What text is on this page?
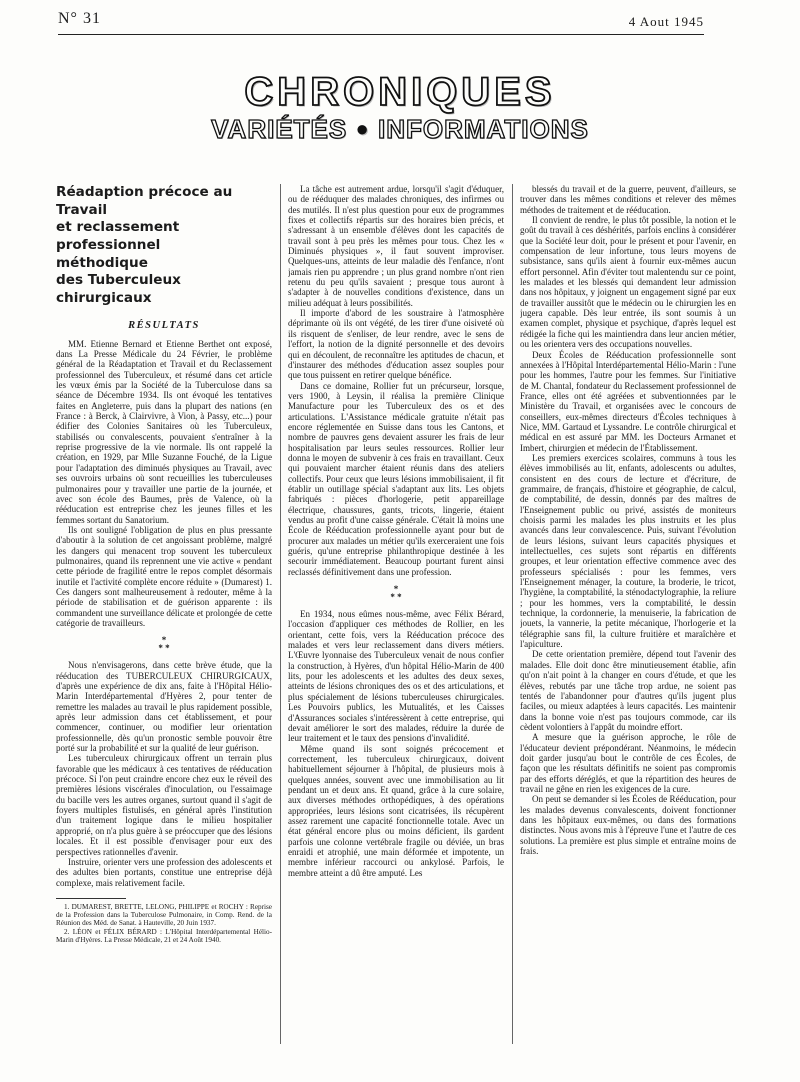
N° 31	4 Aout 1945
CHRONIQUES
VARIÉTÉS ● INFORMATIONS
Réadaption précoce au Travail
et reclassement professionnel
méthodique
des Tuberculeux chirurgicaux
RÉSULTATS

MM. Etienne Bernard et Etienne Berthet ont exposé, dans La Presse Médicale du 24 Février, le problème général de la Réadaptation et Travail et du Reclassement professionnel des Tuberculeux, et résumé dans cet article les vœux émis par la Société de la Tuberculose dans sa séance de Décembre 1934. Ils ont évoqué les tentatives faites en Angleterre, puis dans la plupart des nations (en France : à Berck, à Clairvivre, à Vion, à Passy, etc...) pour édifier des Colonies Sanitaires où les Tuberculeux, stabilisés ou convalescents, pouvaient s'entraîner à la reprise progressive de la vie normale. Ils ont rappelé la création, en 1929, par Mlle Suzanne Fouché, de la Ligue pour l'adaptation des diminués physiques au Travail, avec ses ouvroirs urbains où sont recueillies les tuberculeuses pulmonaires pour y travailler une partie de la journée, et avec son école des Baumes, près de Valence, où la rééducation est entreprise chez les jeunes filles et les femmes sortant du Sanatorium.

Ils ont souligné l'obligation de plus en plus pressante d'aboutir à la solution de cet angoissant problème, malgré les dangers qui menacent trop souvent les tuberculeux pulmonaires, quand ils reprennent une vie active « pendant cette période de fragilité entre le repos complet désormais inutile et l'activité complète encore réduite » (Dumarest) 1. Ces dangers sont malheureusement à redouter, même à la période de stabilisation et de guérison apparente : ils commandent une surveillance délicate et prolongée de cette catégorie de travailleurs.

*
* *

Nous n'envisagerons, dans cette brève étude, que la rééducation des TUBERCULEUX CHIRURGICAUX, d'après une expérience de dix ans, faite à l'Hôpital Hélio-Marin Interdépartemental d'Hyères 2, pour tenter de remettre les malades au travail le plus rapidement possible, après leur admission dans cet établissement, et pour commencer, continuer, ou modifier leur orientation professionnelle, dès qu'un pronostic semble pouvoir être porté sur la probabilité et sur la qualité de leur guérison.

Les tuberculeux chirurgicaux offrent un terrain plus favorable que les médicaux à ces tentatives de rééducation précoce. Si l'on peut craindre encore chez eux le réveil des premières lésions viscérales d'inoculation, ou l'essaimage du bacille vers les autres organes, surtout quand il s'agit de foyers multiples fistulisés, en général après l'institution d'un traitement logique dans le milieu hospitalier approprié, on n'a plus guère à se préoccuper que des lésions locales. Et il est possible d'envisager pour eux des perspectives rationnelles d'avenir.

Instruire, orienter vers une profession des adolescents et des adultes bien portants, constitue une entreprise déjà complexe, mais relativement facile.

1. DUMAREST, BRETTE, LELONG, PHILIPPE et ROCHY : Reprise de la Profession dans la Tuberculose Pulmonaire, in Comp. Rend. de la Réunion des Méd. de Sanat. à Hauteville, 20 Juin 1937.

2. LÉON et FÉLIX BÉRARD : L'Hôpital Interdépartemental Hélio-Marin d'Hyères. La Presse Médicale, 21 et 24 Août 1940.

La tâche est autrement ardue, lorsqu'il s'agit d'éduquer, ou de rééduquer des malades chroniques, des infirmes ou des mutilés. Il n'est plus question pour eux de programmes fixes et collectifs répartis sur des horaires bien précis, et s'adressant à un ensemble d'élèves dont les capacités de travail sont à peu près les mêmes pour tous. Chez les « Diminués physiques », il faut souvent improviser. Quelques-uns, atteints de leur maladie dès l'enfance, n'ont jamais rien pu apprendre ; un plus grand nombre n'ont rien retenu du peu qu'ils savaient ; presque tous auront à s'adapter à de nouvelles conditions d'existence, dans un milieu adéquat à leurs possibilités.

Il importe d'abord de les soustraire à l'atmosphère déprimante où ils ont végété, de les tirer d'une oisiveté où ils risquent de s'enliser, de leur rendre, avec le sens de l'effort, la notion de la dignité personnelle et des devoirs qui en découlent, de reconnaître les aptitudes de chacun, et d'instaurer des méthodes d'éducation assez souples pour que tous puissent en retirer quelque bénéfice.

Dans ce domaine, Rollier fut un précurseur, lorsque, vers 1900, à Leysin, il réalisa la première Clinique Manufacture pour les Tuberculeux des os et des articulations. L'Assistance médicale gratuite n'était pas encore réglementée en Suisse dans tous les Cantons, et nombre de pauvres gens devaient assurer les frais de leur hospitalisation par leurs seules ressources. Rollier leur donna le moyen de subvenir à ces frais en travaillant. Ceux qui pouvaient marcher étaient réunis dans des ateliers collectifs. Pour ceux que leurs lésions immobilisaient, il fit établir un outillage spécial s'adaptant aux lits. Les objets fabriqués : pièces d'horlogerie, petit appareillage électrique, chaussures, gants, tricots, lingerie, étaient vendus au profit d'une caisse générale. C'était là moins une École de Rééducation professionnelle ayant pour but de procurer aux malades un métier qu'ils exerceraient une fois guéris, qu'une entreprise philanthropique destinée à les secourir immédiatement. Beaucoup pourtant furent ainsi reclassés définitivement dans une profession.

*
* *

En 1934, nous eûmes nous-même, avec Félix Bérard, l'occasion d'appliquer ces méthodes de Rollier, en les orientant, cette fois, vers la Rééducation précoce des malades et vers leur reclassement dans divers métiers. L'Œuvre lyonnaise des Tuberculeux venait de nous confier la construction, à Hyères, d'un hôpital Hélio-Marin de 400 lits, pour les adolescents et les adultes des deux sexes, atteints de lésions chroniques des os et des articulations, et plus spécialement de lésions tuberculeuses chirurgicales. Les Pouvoirs publics, les Mutualités, et les Caisses d'Assurances sociales s'intéressèrent à cette entreprise, qui devait améliorer le sort des malades, réduire la durée de leur traitement et le taux des pensions d'invalidité.

Même quand ils sont soignés précocement et correctement, les tuberculeux chirurgicaux, doivent habituellement séjourner à l'hôpital, de plusieurs mois à quelques années, souvent avec une immobilisation au lit pendant un et deux ans. Et quand, grâce à la cure solaire, aux diverses méthodes orthopédiques, à des opérations appropriées, leurs lésions sont cicatrisées, ils récupèrent assez rarement une capacité fonctionnelle totale. Avec un état général encore plus ou moins déficient, ils gardent parfois une colonne vertébrale fragile ou déviée, un bras enraidi et atrophié, une main déformée et impotente, un membre inférieur raccourci ou ankylosé. Parfois, le membre atteint a dû être amputé. Les

blessés du travail et de la guerre, peuvent, d'ailleurs, se trouver dans les mêmes conditions et relever des mêmes méthodes de traitement et de rééducation.

Il convient de rendre, le plus tôt possible, la notion et le goût du travail à ces déshérités, parfois enclins à considérer que la Société leur doit, pour le présent et pour l'avenir, en compensation de leur infortune, tous leurs moyens de subsistance, sans qu'ils aient à fournir eux-mêmes aucun effort personnel. Afin d'éviter tout malentendu sur ce point, les malades et les blessés qui demandent leur admission dans nos hôpitaux, y joignent un engagement signé par eux de travailler aussitôt que le médecin ou le chirurgien les en jugera capable. Dès leur entrée, ils sont soumis à un examen complet, physique et psychique, d'après lequel est rédigée la fiche qui les maintiendra dans leur ancien métier, ou les orientera vers des occupations nouvelles.

Deux Écoles de Rééducation professionnelle sont annexées à l'Hôpital Interdépartemental Hélio-Marin : l'une pour les hommes, l'autre pour les femmes. Sur l'initiative de M. Chantal, fondateur du Reclassement professionnel de France, elles ont été agréées et subventionnées par le Ministère du Travail, et organisées avec le concours de conseillers, eux-mêmes directeurs d'Écoles techniques à Nice, MM. Gartaud et Lyssandre. Le contrôle chirurgical et médical en est assuré par MM. les Docteurs Armanet et Imbert, chirurgien et médecin de l'Établissement.

Les premiers exercices scolaires, communs à tous les élèves immobilisés au lit, enfants, adolescents ou adultes, consistent en des cours de lecture et d'écriture, de grammaire, de français, d'histoire et géographie, de calcul, de comptabilité, de dessin, donnés par des maîtres de l'Enseignement public ou privé, assistés de moniteurs choisis parmi les malades les plus instruits et les plus avancés dans leur convalescence. Puis, suivant l'évolution de leurs lésions, suivant leurs capacités physiques et intellectuelles, ces sujets sont répartis en différents groupes, et leur orientation effective commence avec des professeurs spécialisés : pour les femmes, vers l'Enseignement ménager, la couture, la broderie, le tricot, l'hygiène, la comptabilité, la sténodactylographie, la reliure ; pour les hommes, vers la comptabilité, le dessin technique, la cordonnerie, la menuiserie, la fabrication de jouets, la vannerie, la petite mécanique, l'horlogerie et la télégraphie sans fil, la culture fruitière et maraîchère et l'apiculture.

De cette orientation première, dépend tout l'avenir des malades. Elle doit donc être minutieusement établie, afin qu'on n'ait point à la changer en cours d'étude, et que les élèves, rebutés par une tâche trop ardue, ne soient pas tentés de l'abandonner pour d'autres qu'ils jugent plus faciles, ou mieux adaptées à leurs capacités. Les maintenir dans la bonne voie n'est pas toujours commode, car ils cèdent volontiers à l'appât du moindre effort.

A mesure que la guérison approche, le rôle de l'éducateur devient prépondérant. Néanmoins, le médecin doit garder jusqu'au bout le contrôle de ces Écoles, de façon que les résultats définitifs ne soient pas compromis par des efforts déréglés, et que la répartition des heures de travail ne gêne en rien les exigences de la cure.

On peut se demander si les Écoles de Rééducation, pour les malades devenus convalescents, doivent fonctionner dans les hôpitaux eux-mêmes, ou dans des formations distinctes. Nous avons mis à l'épreuve l'une et l'autre de ces solutions. La première est plus simple et entraîne moins de frais.
